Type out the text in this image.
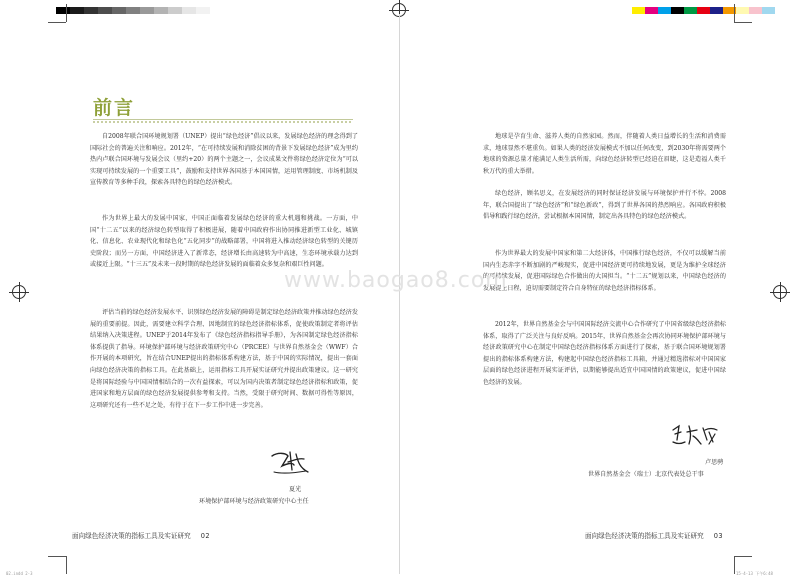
前言

自2008年联合国环境规划署（UNEP）提出“绿色经济”倡议以来，发展绿色经济的理念得到了国际社会的普遍关注和响应。2012年，“在可持续发展和消除贫困的背景下发展绿色经济”成为里约热内卢联合国环境与发展会议（里约+20）的两个主题之一，会议成果文件将绿色经济定位为“可以实现可持续发展的一个重要工具”，鼓励和支持世界各国基于本国国情，运用管理制度、市场机制及宣传教育等多种手段，探索各具特色的绿色经济模式。

作为世界上最大的发展中国家，中国正面临着发展绿色经济的重大机遇和挑战。一方面，中国“十二五”以来的经济绿色转型取得了积极进展，随着中国政府作出协同推进新型工业化、城镇化、信息化、农业现代化和绿色化“五化同步”的战略部署，中国将进入推动经济绿色转型的关键历史阶段；而另一方面，中国经济进入了新常态，经济增长由高速转为中高速，生态环境承载力达到或接近上限。“十三五”及未来一段时期的绿色经济发展的面临着众多复杂和艰巨性问题。

评估当前的绿色经济发展水平、识别绿色经济发展的障碍是制定绿色经济政策并推动绿色经济发展的重要前提。因此，需要建立科学合理、因地制宜的绿色经济指标体系，促使政策制定者将评估结果纳入决策进程。UNEP于2014年发布了《绿色经济指标指导手册》，为各国制定绿色经济指标体系提供了指导。环境保护部环境与经济政策研究中心（PRCEE）与世界自然基金会（WWF）合作开展的本项研究，旨在结合UNEP提出的指标体系构建方法，基于中国的实际情况，提出一套面向绿色经济决策的指标工具。在此基础上，运用指标工具开展实证研究并提出政策建议。这一研究是将国际经验与中国国情相结合的一次有益探索，可以为国内决策者制定绿色经济指标和政策，促进国家和地方层面的绿色经济发展提供参考和支持。当然，受限于研究时间、数据可得性等原因，这项研究还有一些不足之处，有待于在下一步工作中进一步完善。

夏光
环境保护部环境与经济政策研究中心主任
面向绿色经济决策的指标工具及实证研究 02

地球是孕育生命、滋养人类的自然家园。然而，伴随着人类日益增长的生活和消费需求，地球显然不堪重负。如果人类的经济发展模式不加以任何改变，到2030年将需要两个地球的资源总量才能满足人类生活所需，向绿色经济转型已经迫在眉睫，这是造福人类千秋万代的重大举措。

绿色经济，顾名思义，在发展经济的同时保证经济发展与环境保护并行不悖。2008年，联合国提出了“绿色经济”和“绿色新政”，得到了世界各国的热烈响应。各国政府积极倡导和践行绿色经济，尝试根据本国国情，制定出各具特色的绿色经济模式。

作为世界最大的发展中国家和第二大经济体，中国推行绿色经济，不仅可以缓解当前国内生态赤字不断加剧的严峻现实，促进中国经济更可持续地发展，更是为维护全球经济的可持续发展，促进国际绿色合作做出的大国担当。“十二五”规划以来，中国绿色经济的发展提上日程，迫切需要制定符合自身特征的绿色经济指标体系。

2012年，世界自然基金会与中国国际经济交流中心合作研究了中国省级绿色经济指标体系，取得了广泛关注与良好反响。2015年，世界自然基金会再次协同环境保护部环境与经济政策研究中心在制定中国绿色经济指标体系方面进行了探索，基于联合国环境规划署提出的指标体系构建方法，构建起中国绿色经济指标工具箱，并通过精选指标对中国国家层面的绿色经济进程开展实证评估，以期能够提出适宜中国国情的政策建议，促进中国绿色经济的发展。

卢思骋
世界自然基金会（瑞士）北京代表处总干事
面向绿色经济决策的指标工具及实证研究 03
www.baogao8.com
02.indd 2-3	15-4-13 下午6:48
